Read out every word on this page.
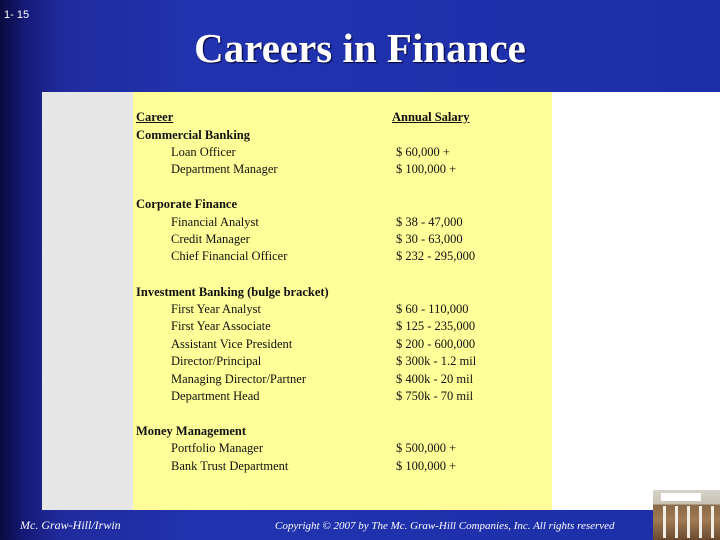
1- 15
Careers in Finance
Career	Annual Salary
Commercial Banking
Loan Officer	$ 60,000 +
Department Manager	$ 100,000 +
Corporate Finance
Financial Analyst	$ 38 - 47,000
Credit Manager	$ 30 - 63,000
Chief Financial Officer	$ 232 - 295,000
Investment Banking (bulge bracket)
First Year Analyst	$ 60 - 110,000
First Year Associate	$ 125 - 235,000
Assistant Vice President	$ 200 - 600,000
Director/Principal	$ 300k - 1.2 mil
Managing Director/Partner	$ 400k - 20 mil
Department Head	$ 750k - 70 mil
Money Management
Portfolio Manager	$ 500,000 +
Bank Trust Department	$ 100,000 +
Mc. Graw-Hill/Irwin	Copyright © 2007 by The Mc. Graw-Hill Companies, Inc. All rights reserved
